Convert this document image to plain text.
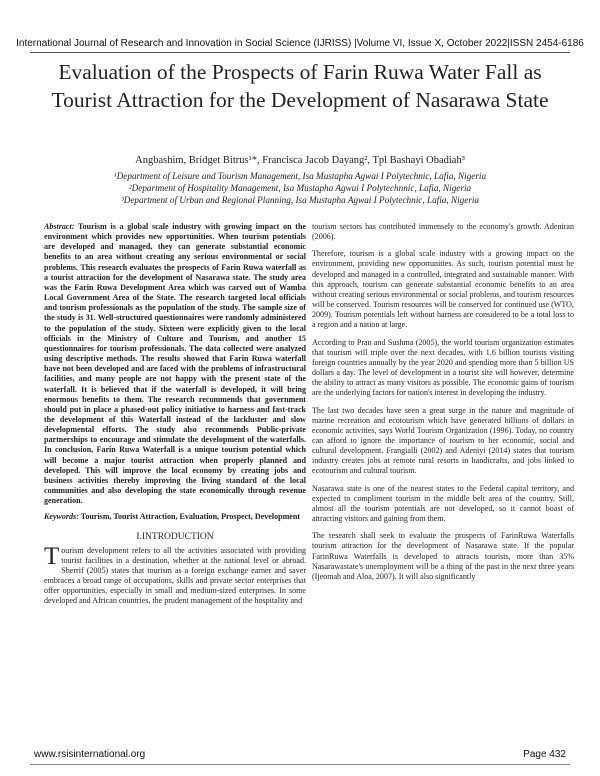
International Journal of Research and Innovation in Social Science (IJRISS) |Volume VI, Issue X, October 2022|ISSN 2454-6186
Evaluation of the Prospects of Farin Ruwa Water Fall as Tourist Attraction for the Development of Nasarawa State
Angbashim, Bridget Bitrus¹*, Francisca Jacob Dayang², Tpl Bashayi Obadiah³
¹Department of Leisure and Tourism Management, Isa Mustapha Agwai I Polytechnic, Lafia, Nigeria
²Department of Hospitality Management, Isa Mustapha Agwai I Polytechnnic, Lafia, Nigeria
³Department of Urban and Regional Planning, Isa Mustapha Agwai I Polytechnic, Lafia, Nigeria
Abstract: Tourism is a global scale industry with growing impact on the environment which provides new opportunities. When tourism potentials are developed and managed, they can generate substantial economic benefits to an area without creating any serious environmental or social problems. This research evaluates the prospects of Farin Ruwa waterfall as a tourist attraction for the development of Nasarawa state. The study area was the Farin Ruwa Development Area which was carved out of Wamba Local Government Area of the State. The research targeted local officials and tourism professionals as the population of the study. The sample size of the study is 31. Well-structured questionnaires were randomly administered to the population of the study. Sixteen were explicitly given to the local officials in the Ministry of Culture and Tourism, and another 15 questionnaires for tourism professionals. The data collected were analyzed using descriptive methods. The results showed that Farin Ruwa waterfall have not been developed and are faced with the problems of infrastructural facilities, and many people are not happy with the present state of the waterfall. It is believed that if the waterfall is developed, it will bring enormous benefits to them. The research recommends that government should put in place a phased-out policy initiative to harness and fast-track the development of this Waterfall instead of the lackluster and slow developmental efforts. The study also recommends Public-private partnerships to encourage and stimulate the development of the waterfalls. In conclusion, Farin Ruwa Waterfall is a unique tourism potential which will become a major tourist attraction when properly planned and developed. This will improve the local economy by creating jobs and business activities thereby improving the living standard of the local communities and also developing the state economically through revenue generation.
Keywords: Tourism, Tourist Attraction, Evaluation, Prospect, Development
I.INTRODUCTION

Tourism development refers to all the activities associated with providing tourist facilities in a destination, whether at the national level or abroad. Sherrif (2005) states that tourism as a foreign exchange earner and saver embraces a broad range of occupations, skills and private sector enterprises that offer opportunities, especially in small and medium-sized enterprises. In some developed and African countries, the prudent management of the hospitality and

tourism sectors has contributed immensely to the economy's growth. Adeniran (2006).

Therefore, tourism is a global scale industry with a growing impact on the environment, providing new opportunities. As such, tourism potential must be developed and managed in a controlled, integrated and sustainable manner. With this approach, tourism can generate substantial economic benefits to an area without creating serious environmental or social problems, and tourism resources will be conserved. Tourism resources will be conserved for continued use (WTO, 2009). Tourism potentials left without harness are considered to be a total loss to a region and a nation at large.

According to Pran and Sushma (2005), the world tourism organization estimates that tourism will triple over the next decades, with 1.6 billion tourists visiting foreign countries annually by the year 2020 and spending more than 5 billion US dollars a day. The level of development in a tourist site will however, determine the ability to attract as many visitors as possible. The economic gains of tourism are the underlying factors for nation's interest in developing the industry.

The last two decades have seen a great surge in the nature and magnitude of marine recreation and ecotourism which have generated billions of dollars in economic activities, says World Tourism Organization (1996). Today, no country can afford to ignore the importance of tourism to her economic, social and cultural development. Frangialli (2002) and Adeniyi (2014) states that tourism industry creates jobs at remote rural resorts in handicrafts, and jobs linked to ecotourism and cultural tourism.

Nasarawa state is one of the nearest states to the Federal capital territory, and expected to compliment tourism in the middle belt area of the country. Still, almost all the tourism potentials are not developed, so it cannot boast of attracting visitors and gaining from them.

The research shall seek to evaluate the prospects of FarinRuwa Waterfalls tourism attraction for the development of Nasarawa state. If the popular FarinRuwa Waterfalls is developed to attracts tourists, more than 35% Nasarawastate's unemployment will be a thing of the past in the next three years (Ijeomah and Aloa, 2007). It will also significantly

www.rsisinternational.org	Page 432
